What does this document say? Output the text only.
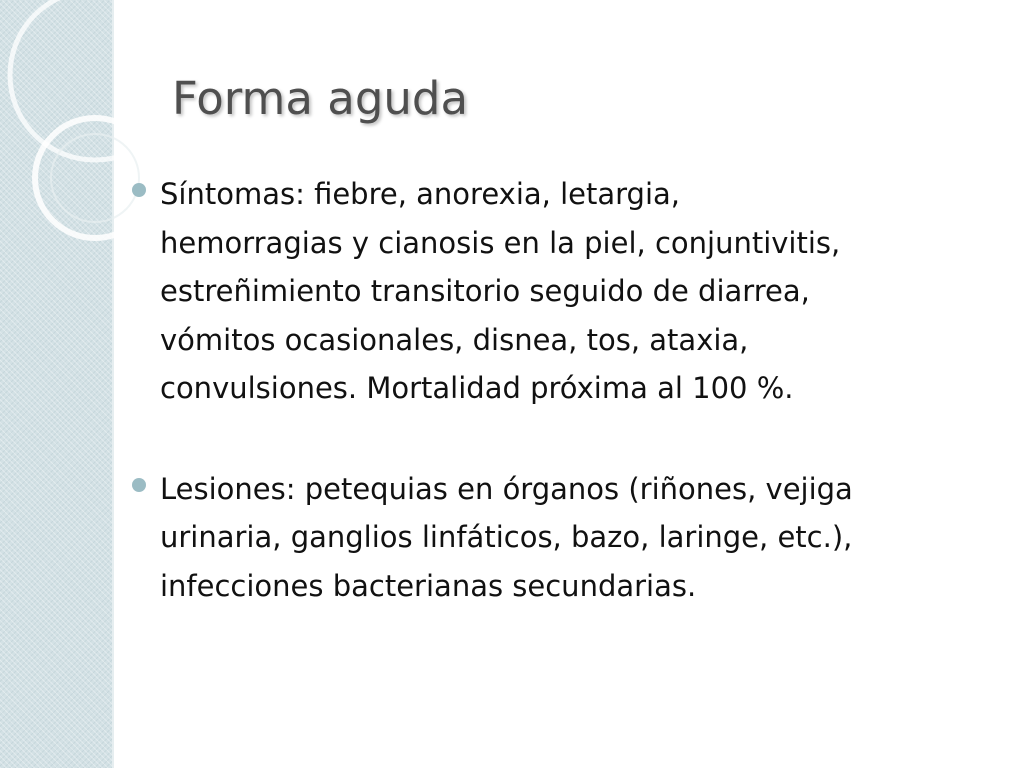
Forma aguda
Síntomas: fiebre, anorexia, letargia,
hemorragias y cianosis en la piel, conjuntivitis,
estreñimiento transitorio seguido de diarrea,
vómitos ocasionales, disnea, tos, ataxia,
convulsiones. Mortalidad próxima al 100 %.
Lesiones: petequias en órganos (riñones, vejiga
urinaria, ganglios linfáticos, bazo, laringe, etc.),
infecciones bacterianas secundarias.
